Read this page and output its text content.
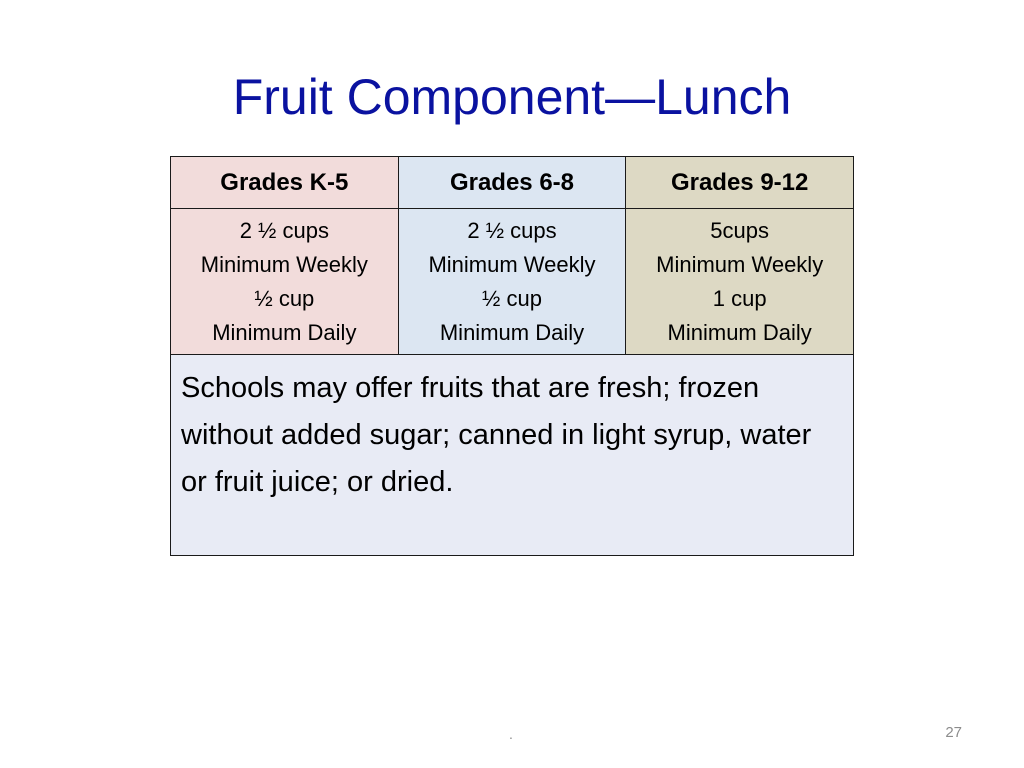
Fruit Component—Lunch
Grades K-5	Grades 6-8	Grades 9-12

2 ½ cups
Minimum Weekly
½ cup
Minimum Daily	2 ½ cups
Minimum Weekly
½ cup
Minimum Daily	5cups
Minimum Weekly
1 cup
Minimum Daily

Schools may offer fruits that are fresh; frozen without added sugar; canned in light syrup, water or fruit juice; or dried.		
.	27
